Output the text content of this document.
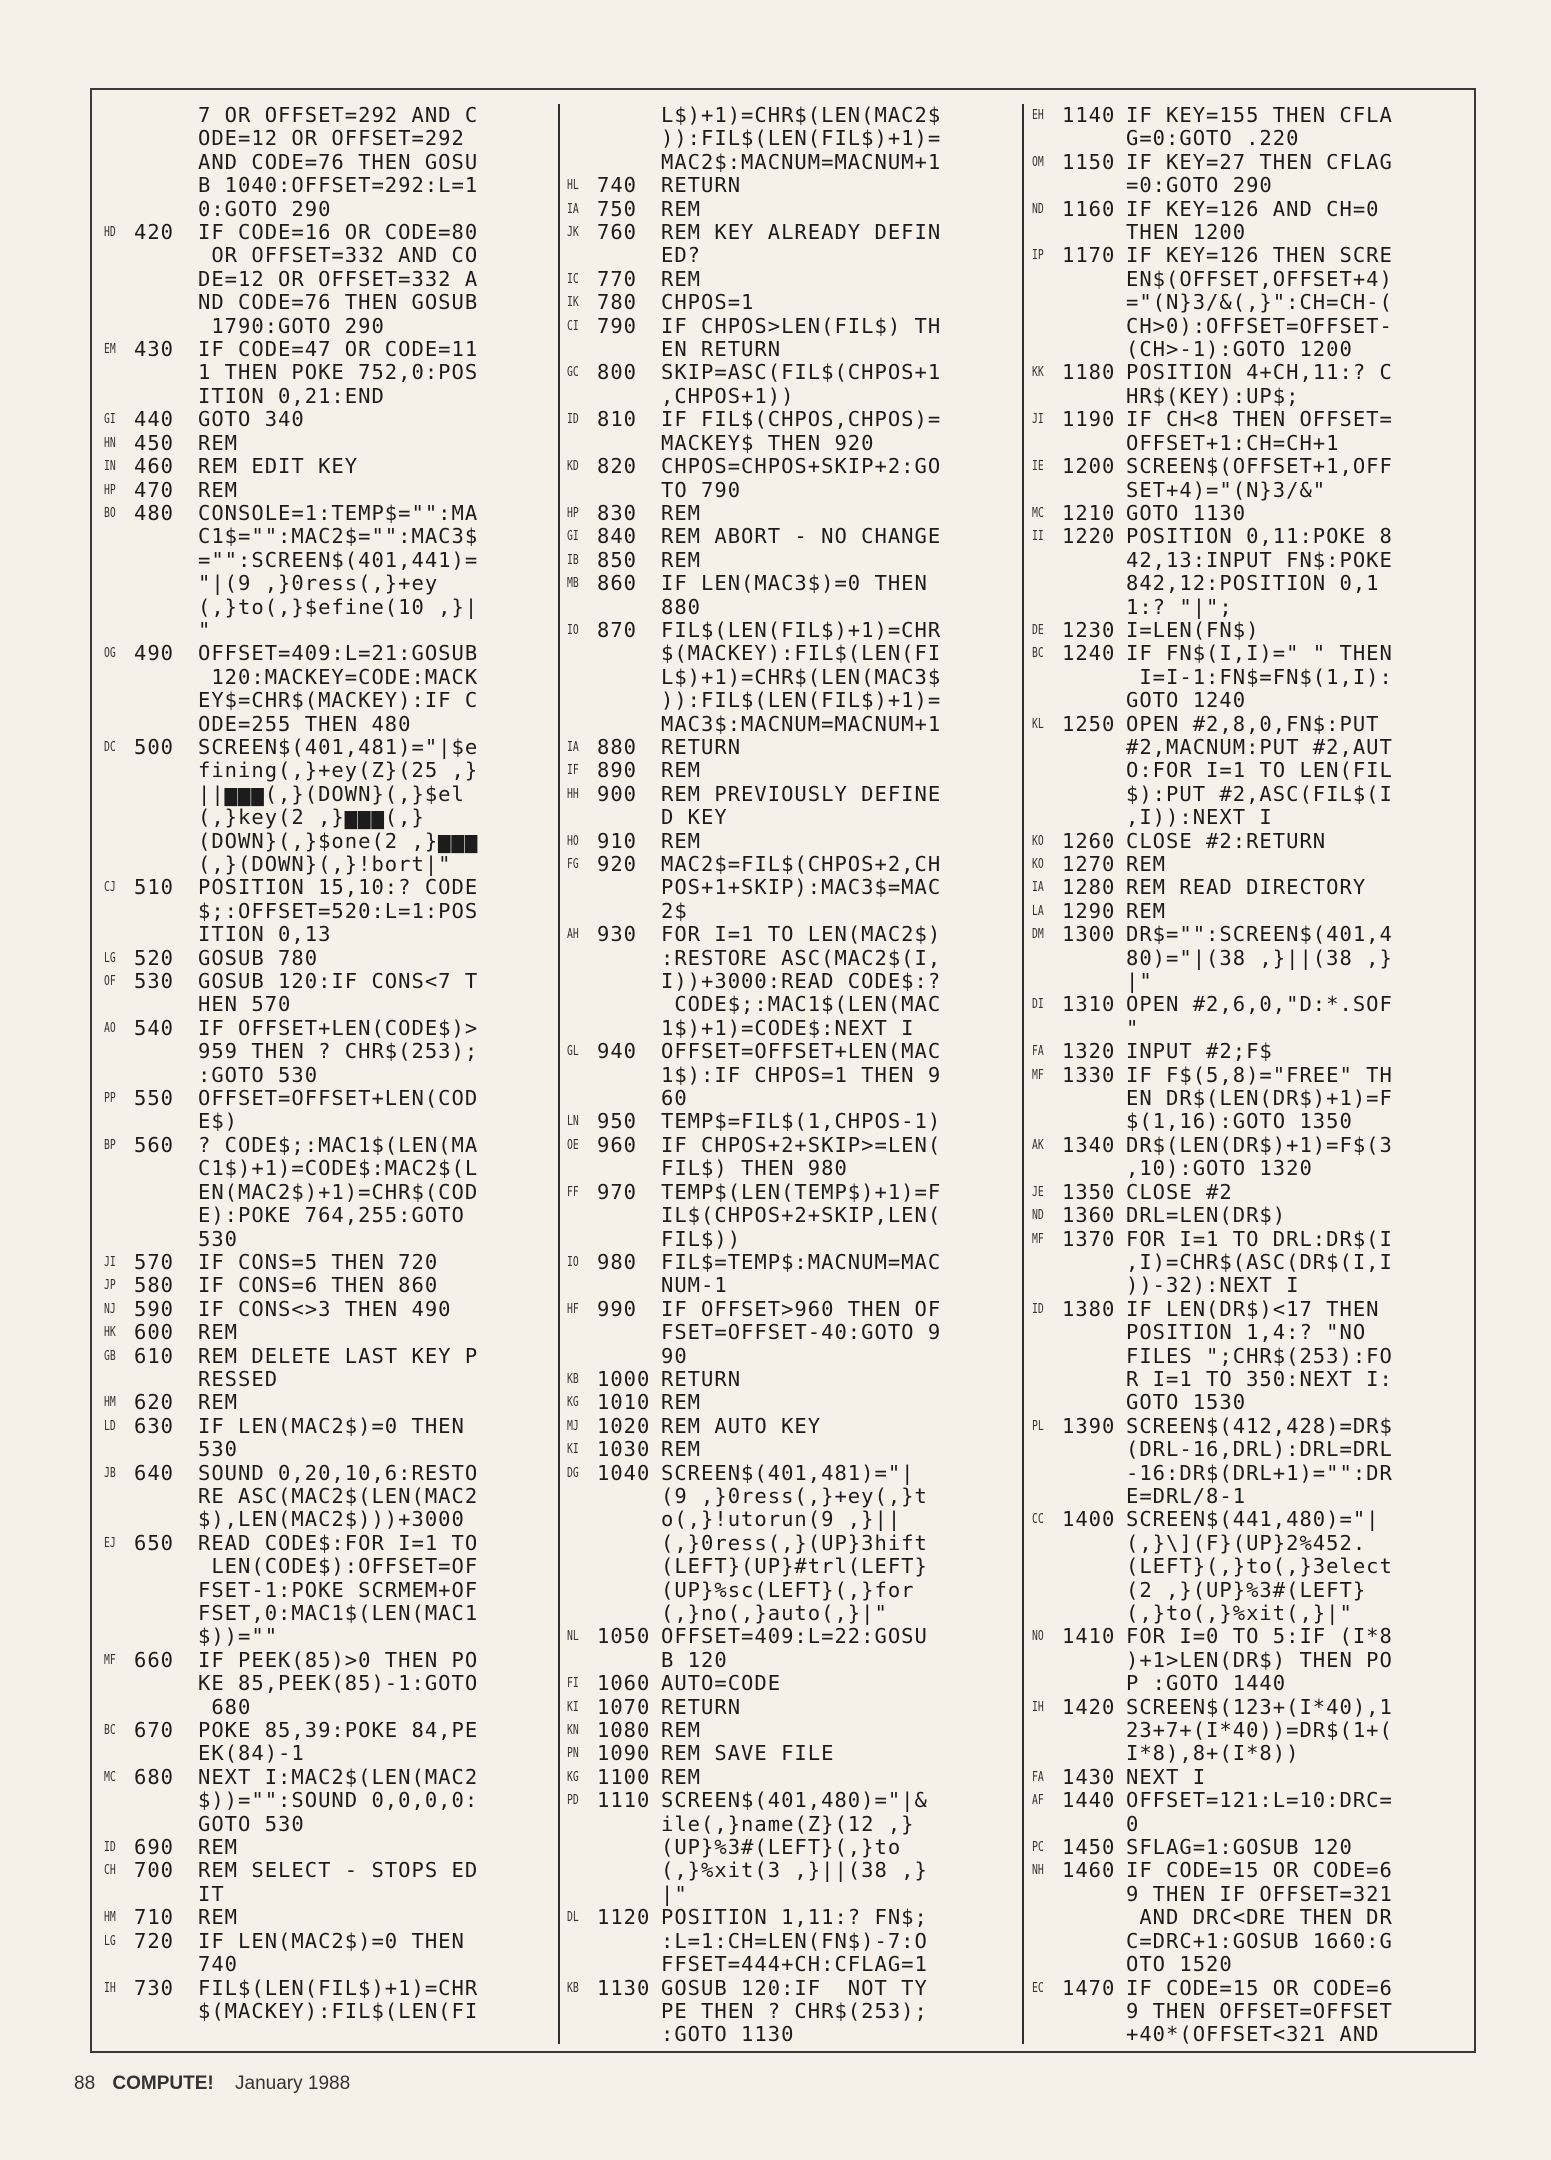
7 OR OFFSET=292 AND C
ODE=12 OR OFFSET=292
AND CODE=76 THEN GOSU
B 1040:OFFSET=292:L=1
0:GOTO 290
HD 420 IF CODE=16 OR CODE=80
OR OFFSET=332 AND CO
DE=12 OR OFFSET=332 A
ND CODE=76 THEN GOSUB
1790:GOTO 290
EM 430 IF CODE=47 OR CODE=11
1 THEN POKE 752,0:POS
ITION 0,21:END
GI 440 GOTO 340
HN 450 REM
IN 460 REM EDIT KEY
HP 470 REM
BO 480 CONSOLE=1:TEMP$="":MA
C1$="":MAC2$="":MAC3$
="":SCREEN$(401,441)=
"|(9 ,}0ress(,}+ey
(,}to(,}$efine(10 ,}|
"
OG 490 OFFSET=409:L=21:GOSUB
120:MACKEY=CODE:MACK
EY$=CHR$(MACKEY):IF C
ODE=255 THEN 480
DC 500 SCREEN$(401,481)="|$e
fining(,}+ey(Z}(25 ,}
||▆▆▆(,}(DOWN}(,}$el
(,}key(2 ,}▆▆▆(,}
(DOWN}(,}$one(2 ,}▆▆▆
(,}(DOWN}(,}!bort|"
CJ 510 POSITION 15,10:? CODE
$;:OFFSET=520:L=1:POS
ITION 0,13
LG 520 GOSUB 780
OF 530 GOSUB 120:IF CONS<7 T
HEN 570
AO 540 IF OFFSET+LEN(CODE$)>
959 THEN ? CHR$(253);
:GOTO 530
PP 550 OFFSET=OFFSET+LEN(COD
E$)
BP 560 ? CODE$;:MAC1$(LEN(MA
C1$)+1)=CODE$:MAC2$(L
EN(MAC2$)+1)=CHR$(COD
E):POKE 764,255:GOTO
530
JI 570 IF CONS=5 THEN 720
JP 580 IF CONS=6 THEN 860
NJ 590 IF CONS<>3 THEN 490
HK 600 REM
GB 610 REM DELETE LAST KEY P
RESSED
HM 620 REM
LD 630 IF LEN(MAC2$)=0 THEN
530
JB 640 SOUND 0,20,10,6:RESTO
RE ASC(MAC2$(LEN(MAC2
$),LEN(MAC2$)))+3000
EJ 650 READ CODE$:FOR I=1 TO
LEN(CODE$):OFFSET=OF
FSET-1:POKE SCRMEM+OF
FSET,0:MAC1$(LEN(MAC1
$))=""
MF 660 IF PEEK(85)>0 THEN PO
KE 85,PEEK(85)-1:GOTO
680
BC 670 POKE 85,39:POKE 84,PE
EK(84)-1
MC 680 NEXT I:MAC2$(LEN(MAC2
$))="":SOUND 0,0,0,0:
GOTO 530
ID 690 REM
CH 700 REM SELECT - STOPS ED
IT
HM 710 REM
LG 720 IF LEN(MAC2$)=0 THEN
740
IH 730 FIL$(LEN(FIL$)+1)=CHR
$(MACKEY):FIL$(LEN(FI
L$)+1)=CHR$(LEN(MAC2$
)):FIL$(LEN(FIL$)+1)=
MAC2$:MACNUM=MACNUM+1
HL 740 RETURN
IA 750 REM
JK 760 REM KEY ALREADY DEFIN
ED?
IC 770 REM
IK 780 CHPOS=1
CI 790 IF CHPOS>LEN(FIL$) TH
EN RETURN
GC 800 SKIP=ASC(FIL$(CHPOS+1
,CHPOS+1))
ID 810 IF FIL$(CHPOS,CHPOS)=
MACKEY$ THEN 920
KD 820 CHPOS=CHPOS+SKIP+2:GO
TO 790
HP 830 REM
GI 840 REM ABORT - NO CHANGE
IB 850 REM
MB 860 IF LEN(MAC3$)=0 THEN
880
IO 870 FIL$(LEN(FIL$)+1)=CHR
$(MACKEY):FIL$(LEN(FI
L$)+1)=CHR$(LEN(MAC3$
)):FIL$(LEN(FIL$)+1)=
MAC3$:MACNUM=MACNUM+1
IA 880 RETURN
IF 890 REM
HH 900 REM PREVIOUSLY DEFINE
D KEY
HO 910 REM
FG 920 MAC2$=FIL$(CHPOS+2,CH
POS+1+SKIP):MAC3$=MAC
2$
AH 930 FOR I=1 TO LEN(MAC2$)
:RESTORE ASC(MAC2$(I,
I))+3000:READ CODE$:?
CODE$;:MAC1$(LEN(MAC
1$)+1)=CODE$:NEXT I
GL 940 OFFSET=OFFSET+LEN(MAC
1$):IF CHPOS=1 THEN 9
60
LN 950 TEMP$=FIL$(1,CHPOS-1)
OE 960 IF CHPOS+2+SKIP>=LEN(
FIL$) THEN 980
FF 970 TEMP$(LEN(TEMP$)+1)=F
IL$(CHPOS+2+SKIP,LEN(
FIL$))
IO 980 FIL$=TEMP$:MACNUM=MAC
NUM-1
HF 990 IF OFFSET>960 THEN OF
FSET=OFFSET-40:GOTO 9
90
KB 1000 RETURN
KG 1010 REM
MJ 1020 REM AUTO KEY
KI 1030 REM
DG 1040 SCREEN$(401,481)="|
(9 ,}0ress(,}+ey(,}t
o(,}!utorun(9 ,}||
(,}0ress(,}(UP}3hift
(LEFT}(UP}#trl(LEFT}
(UP}%sc(LEFT}(,}for
(,}no(,}auto(,}|"
NL 1050 OFFSET=409:L=22:GOSU
B 120
FI 1060 AUTO=CODE
KI 1070 RETURN
KN 1080 REM
PN 1090 REM SAVE FILE
KG 1100 REM
PD 1110 SCREEN$(401,480)="|&
ile(,}name(Z}(12 ,}
(UP}%3#(LEFT}(,}to
(,}%xit(3 ,}||(38 ,}
|"
DL 1120 POSITION 1,11:? FN$;
:L=1:CH=LEN(FN$)-7:O
FFSET=444+CH:CFLAG=1
KB 1130 GOSUB 120:IF  NOT TY
PE THEN ? CHR$(253);
:GOTO 1130
EH 1140 IF KEY=155 THEN CFLA
G=0:GOTO .220
OM 1150 IF KEY=27 THEN CFLAG
=0:GOTO 290
ND 1160 IF KEY=126 AND CH=0
THEN 1200
IP 1170 IF KEY=126 THEN SCRE
EN$(OFFSET,OFFSET+4)
="(N}3/&(,}":CH=CH-(
CH>0):OFFSET=OFFSET-
(CH>-1):GOTO 1200
KK 1180 POSITION 4+CH,11:? C
HR$(KEY):UP$;
JI 1190 IF CH<8 THEN OFFSET=
OFFSET+1:CH=CH+1
IE 1200 SCREEN$(OFFSET+1,OFF
SET+4)="(N}3/&"
MC 1210 GOTO 1130
II 1220 POSITION 0,11:POKE 8
42,13:INPUT FN$:POKE
842,12:POSITION 0,1
1:? "|";
DE 1230 I=LEN(FN$)
BC 1240 IF FN$(I,I)=" " THEN
I=I-1:FN$=FN$(1,I):
GOTO 1240
KL 1250 OPEN #2,8,0,FN$:PUT
#2,MACNUM:PUT #2,AUT
O:FOR I=1 TO LEN(FIL
$):PUT #2,ASC(FIL$(I
,I)):NEXT I
KO 1260 CLOSE #2:RETURN
KO 1270 REM
IA 1280 REM READ DIRECTORY
LA 1290 REM
DM 1300 DR$="":SCREEN$(401,4
80)="|(38 ,}||(38 ,}
|"
DI 1310 OPEN #2,6,0,"D:*.SOF
"
FA 1320 INPUT #2;F$
MF 1330 IF F$(5,8)="FREE" TH
EN DR$(LEN(DR$)+1)=F
$(1,16):GOTO 1350
AK 1340 DR$(LEN(DR$)+1)=F$(3
,10):GOTO 1320
JE 1350 CLOSE #2
ND 1360 DRL=LEN(DR$)
MF 1370 FOR I=1 TO DRL:DR$(I
,I)=CHR$(ASC(DR$(I,I
))-32):NEXT I
ID 1380 IF LEN(DR$)<17 THEN
POSITION 1,4:? "NO
FILES ";CHR$(253):FO
R I=1 TO 350:NEXT I:
GOTO 1530
PL 1390 SCREEN$(412,428)=DR$
(DRL-16,DRL):DRL=DRL
-16:DR$(DRL+1)="":DR
E=DRL/8-1
CC 1400 SCREEN$(441,480)="|
(,}\](F}(UP}2%452.
(LEFT}(,}to(,}3elect
(2 ,}(UP}%3#(LEFT}
(,}to(,}%xit(,}|"
NO 1410 FOR I=0 TO 5:IF (I*8
)+1>LEN(DR$) THEN PO
P :GOTO 1440
IH 1420 SCREEN$(123+(I*40),1
23+7+(I*40))=DR$(1+(
I*8),8+(I*8))
FA 1430 NEXT I
AF 1440 OFFSET=121:L=10:DRC=
0
PC 1450 SFLAG=1:GOSUB 120
NH 1460 IF CODE=15 OR CODE=6
9 THEN IF OFFSET=321
AND DRC<DRE THEN DR
C=DRC+1:GOSUB 1660:G
OTO 1520
EC 1470 IF CODE=15 OR CODE=6
9 THEN OFFSET=OFFSET
+40*(OFFSET<321 AND
88 COMPUTE! January 1988
